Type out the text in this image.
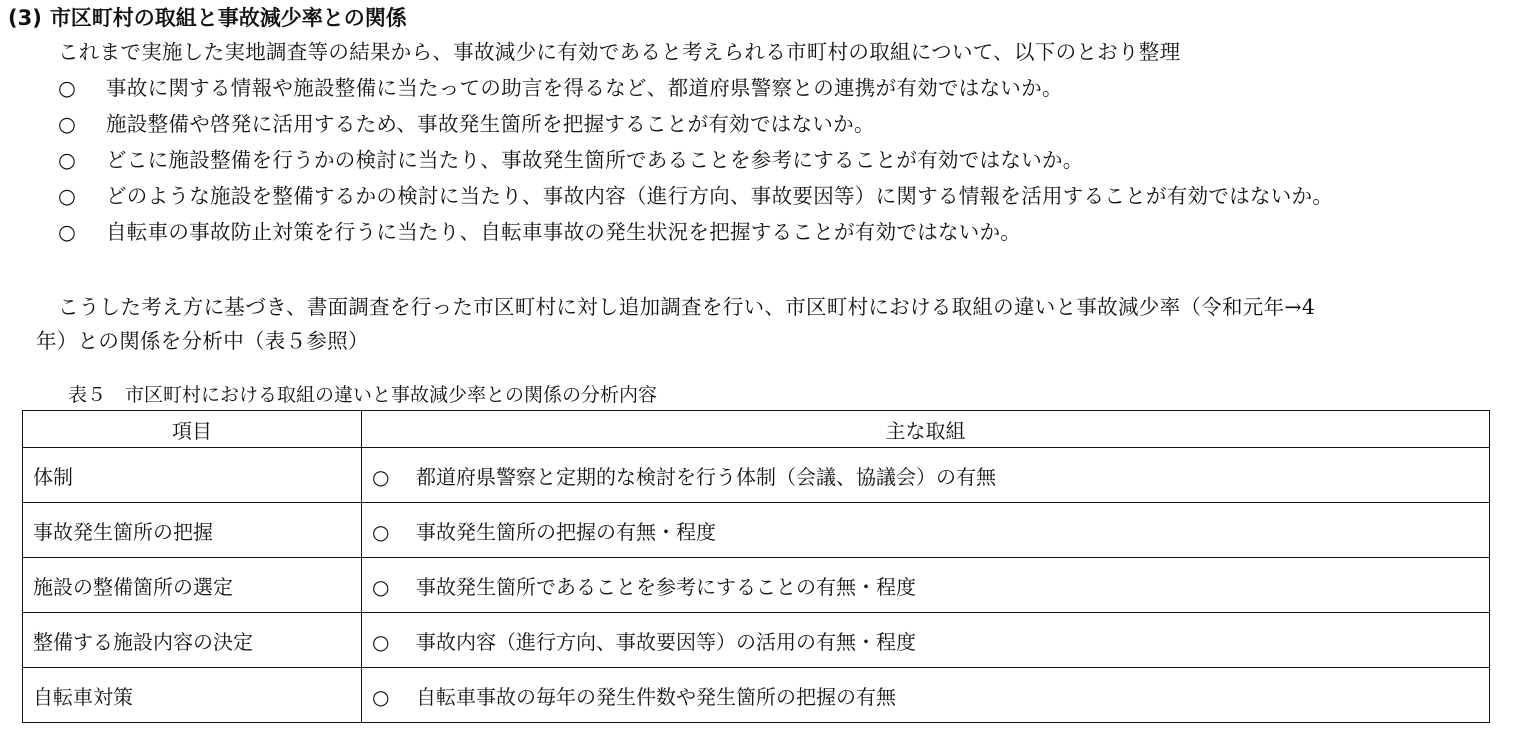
(3) 市区町村の取組と事故減少率との関係
これまで実施した実地調査等の結果から、事故減少に有効であると考えられる市町村の取組について、以下のとおり整理
○ 事故に関する情報や施設整備に当たっての助言を得るなど、都道府県警察との連携が有効ではないか。
○ 施設整備や啓発に活用するため、事故発生箇所を把握することが有効ではないか。
○ どこに施設整備を行うかの検討に当たり、事故発生箇所であることを参考にすることが有効ではないか。
○ どのような施設を整備するかの検討に当たり、事故内容（進行方向、事故要因等）に関する情報を活用することが有効ではないか。
○ 自転車の事故防止対策を行うに当たり、自転車事故の発生状況を把握することが有効ではないか。
こうした考え方に基づき、書面調査を行った市区町村に対し追加調査を行い、市区町村における取組の違いと事故減少率（令和元年→4
年）との関係を分析中（表５参照）
表５　市区町村における取組の違いと事故減少率との関係の分析内容
項目	主な取組
体制	○ 都道府県警察と定期的な検討を行う体制（会議、協議会）の有無
事故発生箇所の把握	○ 事故発生箇所の把握の有無・程度
施設の整備箇所の選定	○ 事故発生箇所であることを参考にすることの有無・程度
整備する施設内容の決定	○ 事故内容（進行方向、事故要因等）の活用の有無・程度
自転車対策	○ 自転車事故の毎年の発生件数や発生箇所の把握の有無
